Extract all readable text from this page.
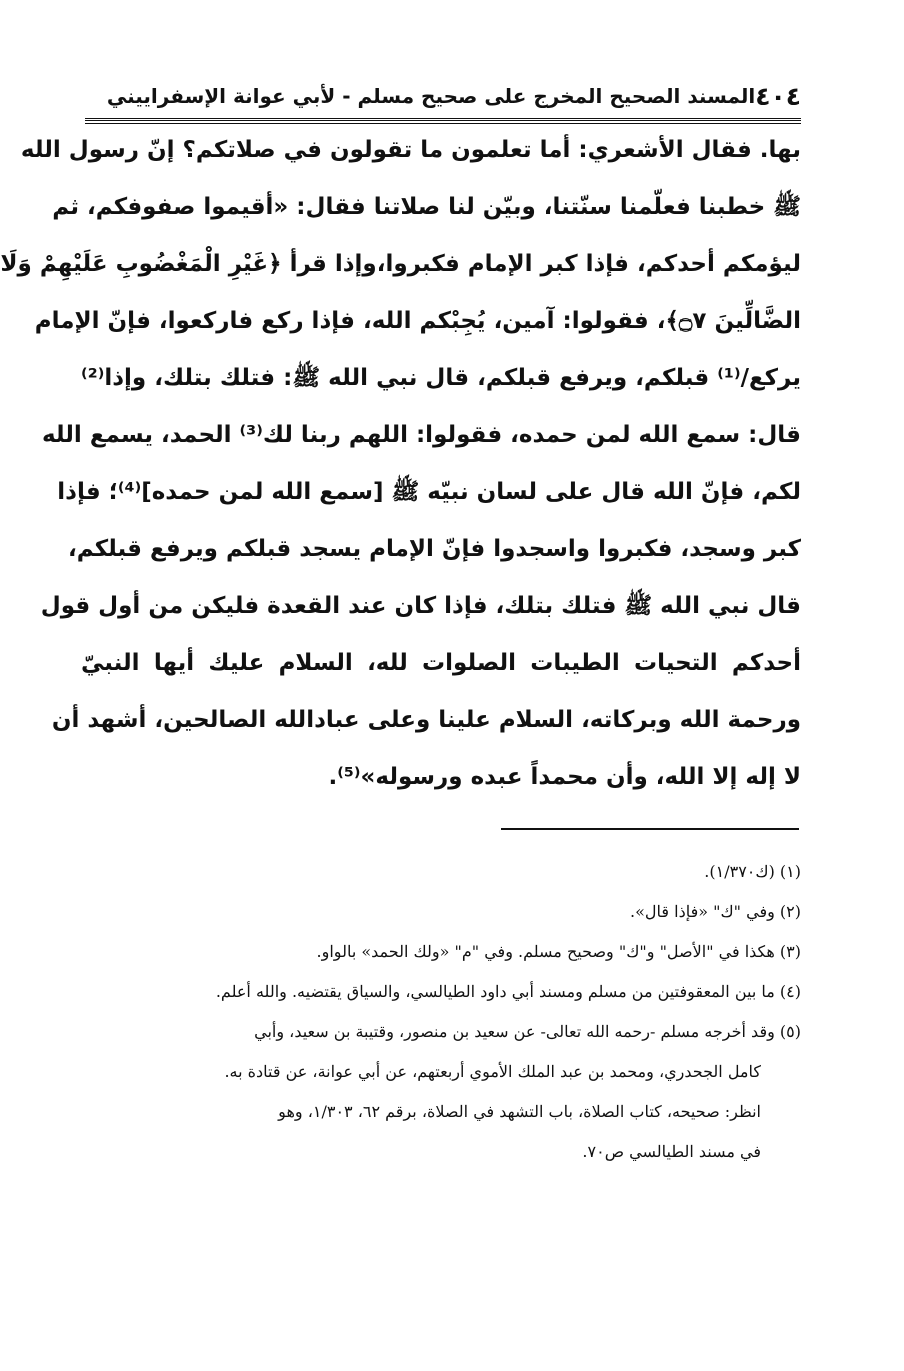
٤٠٤
المسند الصحيح المخرج على صحيح مسلم - لأبي عوانة الإسفراييني
بها. فقال الأشعري: أما تعلمون ما تقولون في صلاتكم؟ إنّ رسول الله
ﷺ خطبنا فعلّمنا سنّتنا، وبيّن لنا صلاتنا فقال: «أقيموا صفوفكم، ثم
ليؤمكم أحدكم، فإذا كبر الإمام فكبروا،وإذا قرأ ﴿غَيْرِ الْمَغْضُوبِ عَلَيْهِمْ وَلَا
الضَّالِّينَ ۝٧﴾، فقولوا: آمين، يُجِبْكم الله، فإذا ركع فاركعوا، فإنّ الإمام
يركع/⁽¹⁾ قبلكم، ويرفع قبلكم، قال نبي الله ﷺ: فتلك بتلك، وإذا⁽²⁾
قال: سمع الله لمن حمده، فقولوا: اللهم ربنا لك⁽³⁾ الحمد، يسمع الله
لكم، فإنّ الله قال على لسان نبيّه ﷺ [سمع الله لمن حمده]⁽⁴⁾؛ فإذا
كبر وسجد، فكبروا واسجدوا فإنّ الإمام يسجد قبلكم ويرفع قبلكم،
قال نبي الله ﷺ فتلك بتلك، فإذا كان عند القعدة فليكن من أول قول
أحدكم التحيات الطيبات الصلوات لله، السلام عليك أيها النبيّ
ورحمة الله وبركاته، السلام علينا وعلى عبادالله الصالحين، أشهد أن
لا إله إلا الله، وأن محمداً عبده ورسوله»⁽⁵⁾.
(١) (ك١/٣٧٠).
(٢) وفي "ك" «فإذا قال».
(٣) هكذا في "الأصل" و"ك" وصحيح مسلم. وفي "م" «ولك الحمد» بالواو.
(٤) ما بين المعقوفتين من مسلم ومسند أبي داود الطيالسي، والسياق يقتضيه. والله أعلم.
(٥) وقد أخرجه مسلم -رحمه الله تعالى- عن سعيد بن منصور، وقتيبة بن سعيد، وأبي
كامل الجحدري، ومحمد بن عبد الملك الأموي أربعتهم، عن أبي عوانة، عن قتادة به.
انظر: صحيحه، كتاب الصلاة، باب التشهد في الصلاة، برقم ٦٢، ١/٣٠٣، وهو
في مسند الطيالسي ص٧٠.
